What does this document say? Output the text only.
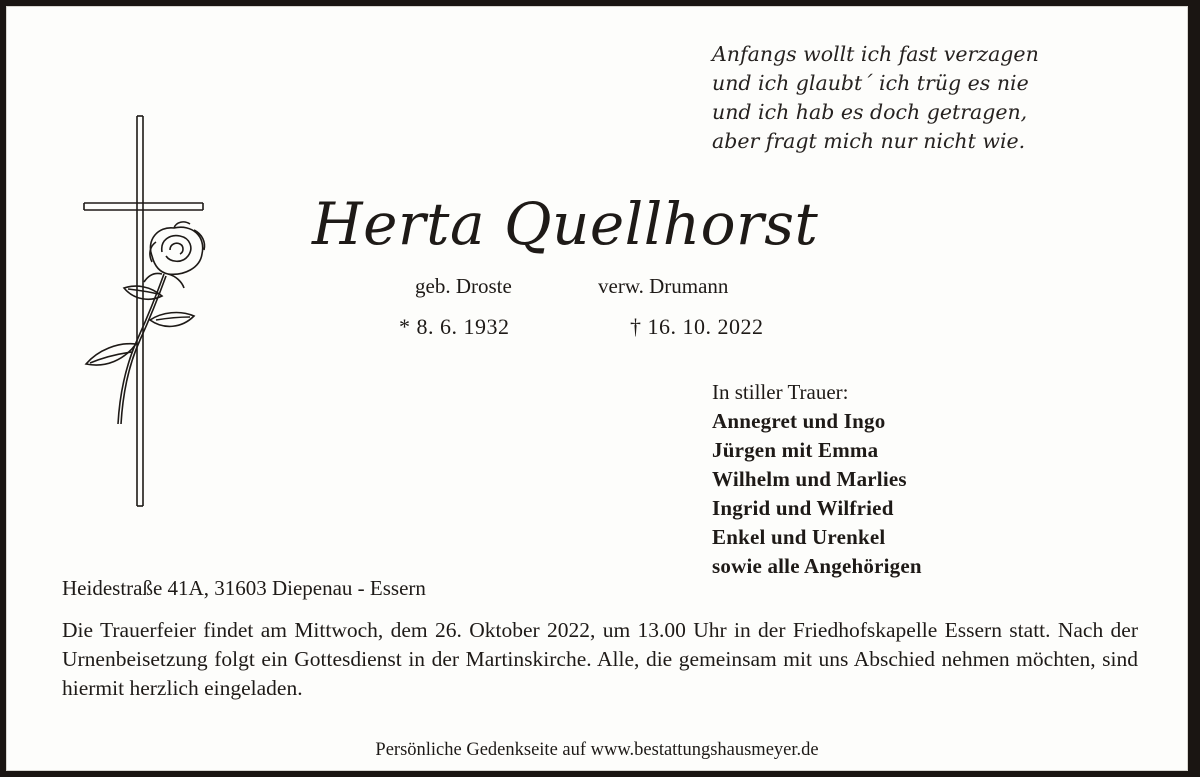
Anfangs wollt ich fast verzagen
und ich glaubt´ ich trüg es nie
und ich hab es doch getragen,
aber fragt mich nur nicht wie.
Herta Quellhorst
geb. Droste	verw. Drumann
* 8. 6. 1932	† 16. 10. 2022
In stiller Trauer:
Annegret und Ingo
Jürgen mit Emma
Wilhelm und Marlies
Ingrid und Wilfried
Enkel und Urenkel
sowie alle Angehörigen
Heidestraße 41A, 31603 Diepenau - Essern
Die Trauerfeier findet am Mittwoch, dem 26. Oktober 2022, um 13.00 Uhr in der Friedhofskapelle Essern statt. Nach der Urnenbeisetzung folgt ein Gottesdienst in der Martinskirche. Alle, die gemeinsam mit uns Abschied nehmen möchten, sind hiermit herzlich eingeladen.
Persönliche Gedenkseite auf www.bestattungshausmeyer.de
